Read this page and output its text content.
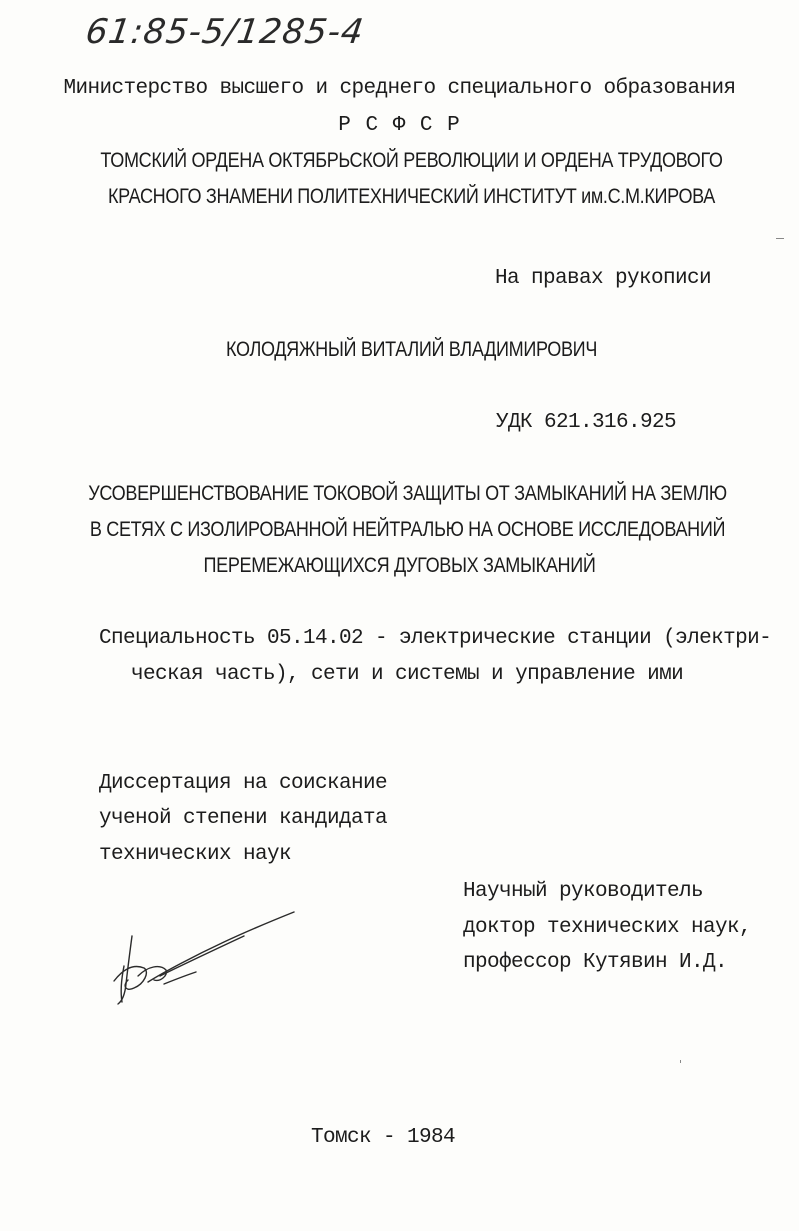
61:85-5/1285-4
Министерство высшего и среднего специального образования
Р С Ф С Р
ТОМСКИЙ ОРДЕНА ОКТЯБРЬСКОЙ РЕВОЛЮЦИИ И ОРДЕНА ТРУДОВОГО
КРАСНОГО ЗНАМЕНИ ПОЛИТЕХНИЧЕСКИЙ ИНСТИТУТ им.С.М.КИРОВА
На правах рукописи
КОЛОДЯЖНЫЙ ВИТАЛИЙ ВЛАДИМИРОВИЧ
УДК 621.316.925
УСОВЕРШЕНСТВОВАНИЕ ТОКОВОЙ ЗАЩИТЫ ОТ ЗАМЫКАНИЙ НА ЗЕМЛЮ
В СЕТЯХ С ИЗОЛИРОВАННОЙ НЕЙТРАЛЬЮ НА ОСНОВЕ ИССЛЕДОВАНИЙ
ПЕРЕМЕЖАЮЩИХСЯ ДУГОВЫХ ЗАМЫКАНИЙ
Специальность 05.14.02 - электрические станции (электри-
ческая часть), сети и системы и управление ими
Диссертация на соискание
ученой степени кандидата
технических наук
Научный руководитель
доктор технических наук,
профессор Кутявин И.Д.
Томск - 1984
